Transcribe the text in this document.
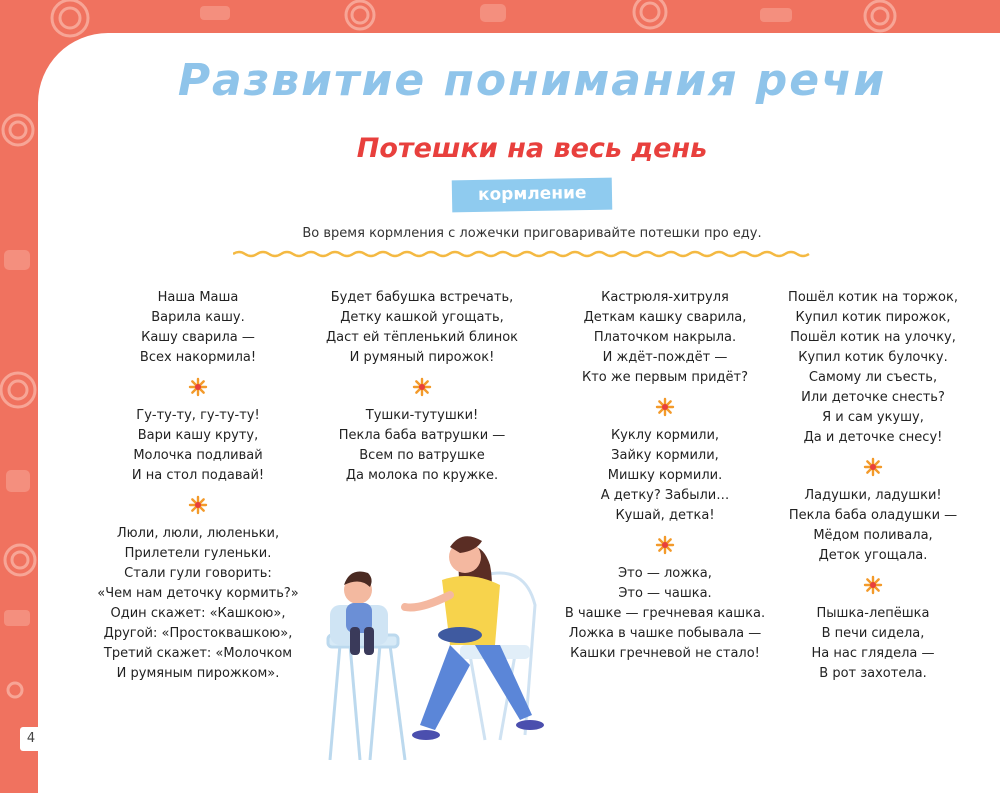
Развитие понимания речи
Потешки на весь день
кормление

Во время кормления с ложечки приговаривайте потешки про еду.

Наша Маша
Варила кашу.
Кашу сварила —
Всех накормила!
Гу-ту-ту, гу-ту-ту!
Вари кашу круту,
Молочка подливай
И на стол подавай!
Люли, люли, люленьки,
Прилетели гуленьки.
Стали гули говорить:
«Чем нам деточку кормить?»
Один скажет: «Кашкою»,
Другой: «Простоквашкою»,
Третий скажет: «Молочком
И румяным пирожком».
Будет бабушка встречать,
Детку кашкой угощать,
Даст ей тёпленький блинок
И румяный пирожок!
Тушки-тутушки!
Пекла баба ватрушки —
Всем по ватрушке
Да молока по кружке.
Кастрюля-хитруля
Деткам кашку сварила,
Платочком накрыла.
И ждёт-пождёт —
Кто же первым придёт?
Куклу кормили,
Зайку кормили,
Мишку кормили.
А детку? Забыли…
Кушай, детка!
Это — ложка,
Это — чашка.
В чашке — гречневая кашка.
Ложка в чашке побывала —
Кашки гречневой не стало!
Пошёл котик на торжок,
Купил котик пирожок,
Пошёл котик на улочку,
Купил котик булочку.
Самому ли съесть,
Или деточке снесть?
Я и сам укушу,
Да и деточке снесу!
Ладушки, ладушки!
Пекла баба оладушки —
Мёдом поливала,
Деток угощала.
Пышка-лепёшка
В печи сидела,
На нас глядела —
В рот захотела.
4
